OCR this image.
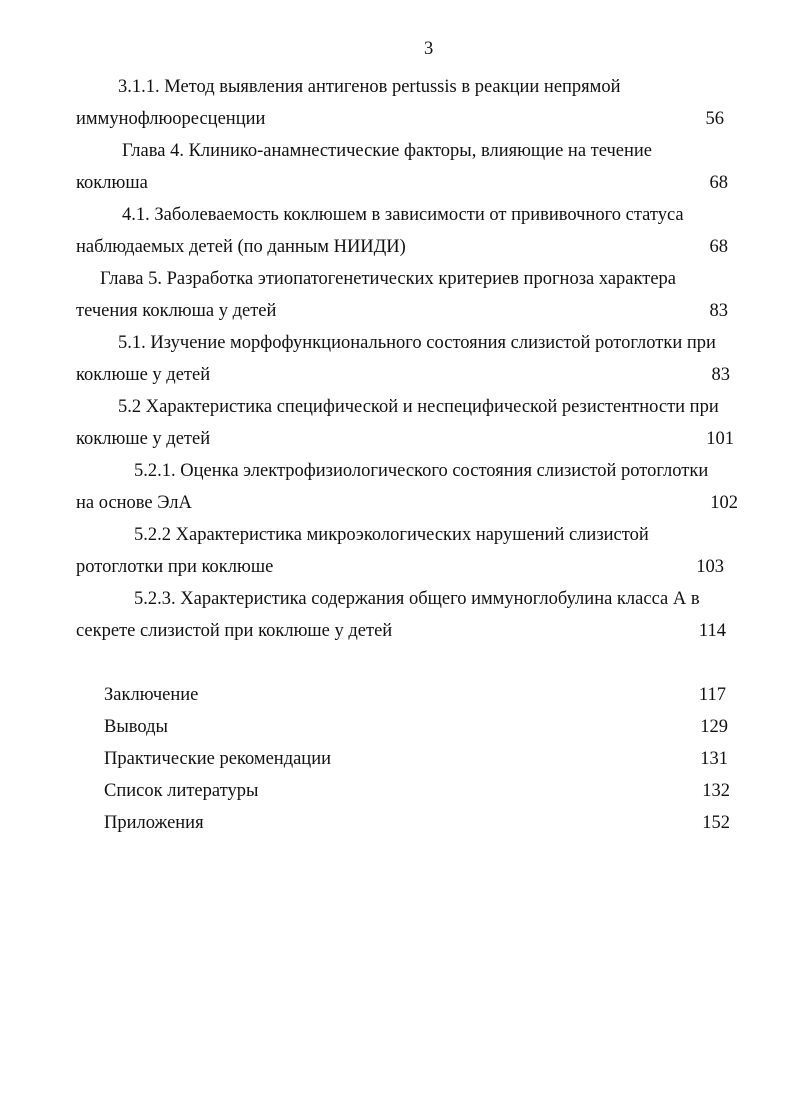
3
3.1.1. Метод выявления антигенов pertussis в реакции непрямой
иммунофлюоресценции	56
Глава 4. Клинико-анамнестические факторы, влияющие на течение
коклюша	68
4.1. Заболеваемость коклюшем в зависимости от прививочного статуса
наблюдаемых детей (по данным НИИДИ)	68
Глава 5. Разработка этиопатогенетических критериев прогноза характера
течения коклюша у детей	83
5.1. Изучение морфофункционального состояния слизистой ротоглотки при
коклюше у детей	83
5.2 Характеристика специфической и неспецифической резистентности при
коклюше у детей	101
5.2.1. Оценка электрофизиологического состояния слизистой ротоглотки
на основе ЭлА	102
5.2.2 Характеристика микроэкологических нарушений слизистой
ротоглотки при коклюше	103
5.2.3. Характеристика содержания общего иммуноглобулина класса А в
секрете слизистой при коклюше у детей	114
Заключение	117
Выводы	129
Практические рекомендации	131
Список литературы	132
Приложения	152
